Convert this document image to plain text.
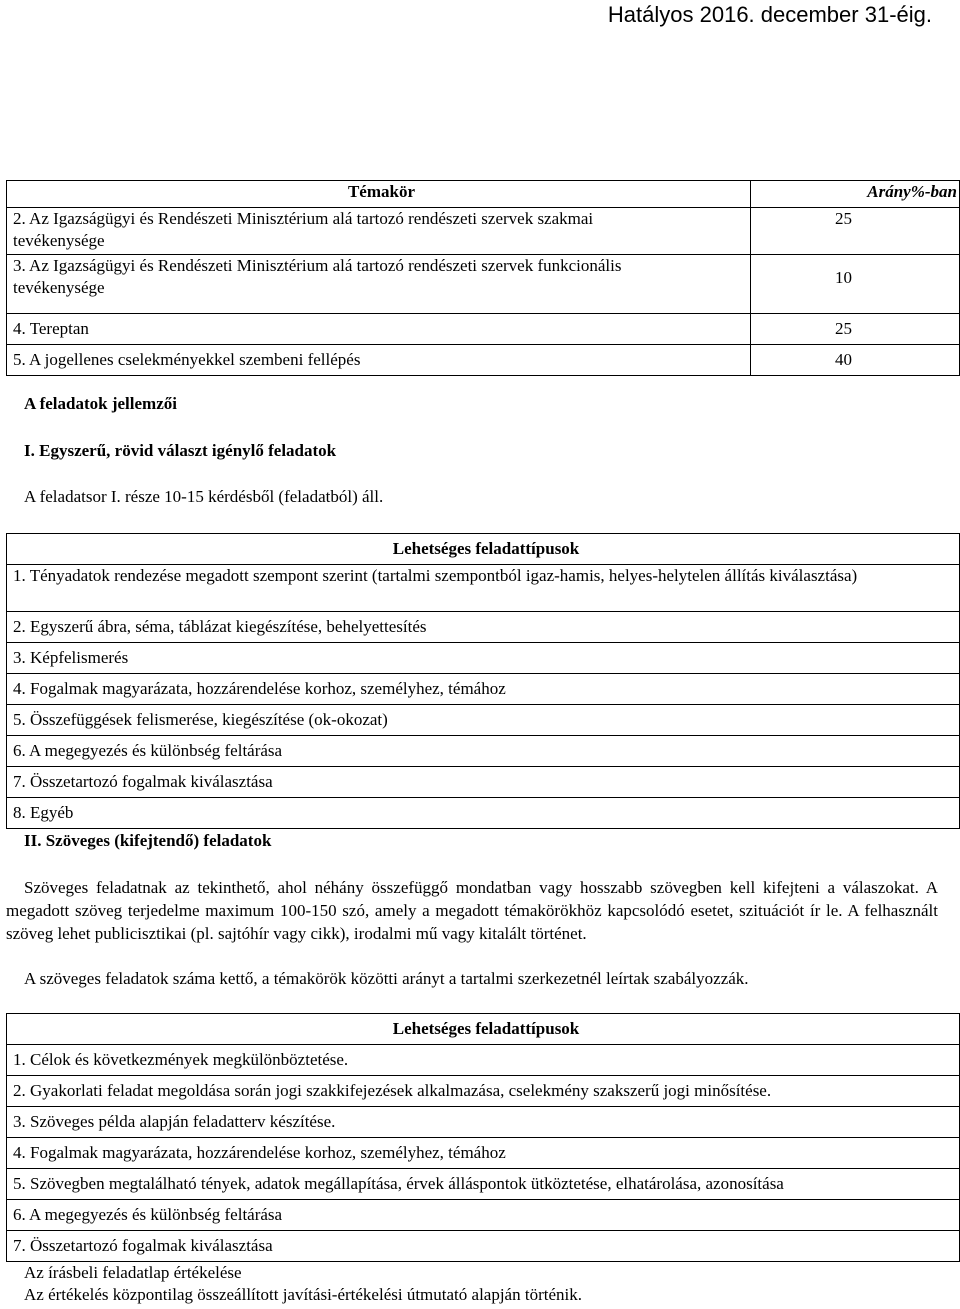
Hatályos 2016. december 31-éig.
Témakör	Arány%-ban
2. Az Igazságügyi és Rendészeti Minisztérium alá tartozó rendészeti szervek szakmai tevékenysége	25
3. Az Igazságügyi és Rendészeti Minisztérium alá tartozó rendészeti szervek funkcionális tevékenysége	10
4. Tereptan	25
5. A jogellenes cselekményekkel szembeni fellépés	40
A feladatok jellemzői
I. Egyszerű, rövid választ igénylő feladatok
A feladatsor I. része 10-15 kérdésből (feladatból) áll.
Lehetséges feladattípusok
1. Tényadatok rendezése megadott szempont szerint (tartalmi szempontból igaz-hamis, helyes-helytelen állítás kiválasztása)
2. Egyszerű ábra, séma, táblázat kiegészítése, behelyettesítés
3. Képfelismerés
4. Fogalmak magyarázata, hozzárendelése korhoz, személyhez, témához
5. Összefüggések felismerése, kiegészítése (ok-okozat)
6. A megegyezés és különbség feltárása
7. Összetartozó fogalmak kiválasztása
8. Egyéb
II. Szöveges (kifejtendő) feladatok
Szöveges feladatnak az tekinthető, ahol néhány összefüggő mondatban vagy hosszabb szövegben kell kifejteni a válaszokat. A megadott szöveg terjedelme maximum 100-150 szó, amely a megadott témakörökhöz kapcsolódó esetet, szituációt ír le. A felhasznált szöveg lehet publicisztikai (pl. sajtóhír vagy cikk), irodalmi mű vagy kitalált történet.
A szöveges feladatok száma kettő, a témakörök közötti arányt a tartalmi szerkezetnél leírtak szabályozzák.
Lehetséges feladattípusok
1. Célok és következmények megkülönböztetése.
2. Gyakorlati feladat megoldása során jogi szakkifejezések alkalmazása, cselekmény szakszerű jogi minősítése.
3. Szöveges példa alapján feladatterv készítése.
4. Fogalmak magyarázata, hozzárendelése korhoz, személyhez, témához
5. Szövegben megtalálható tények, adatok megállapítása, érvek álláspontok ütköztetése, elhatárolása, azonosítása
6. A megegyezés és különbség feltárása
7. Összetartozó fogalmak kiválasztása
Az írásbeli feladatlap értékelése
Az értékelés központilag összeállított javítási-értékelési útmutató alapján történik.
